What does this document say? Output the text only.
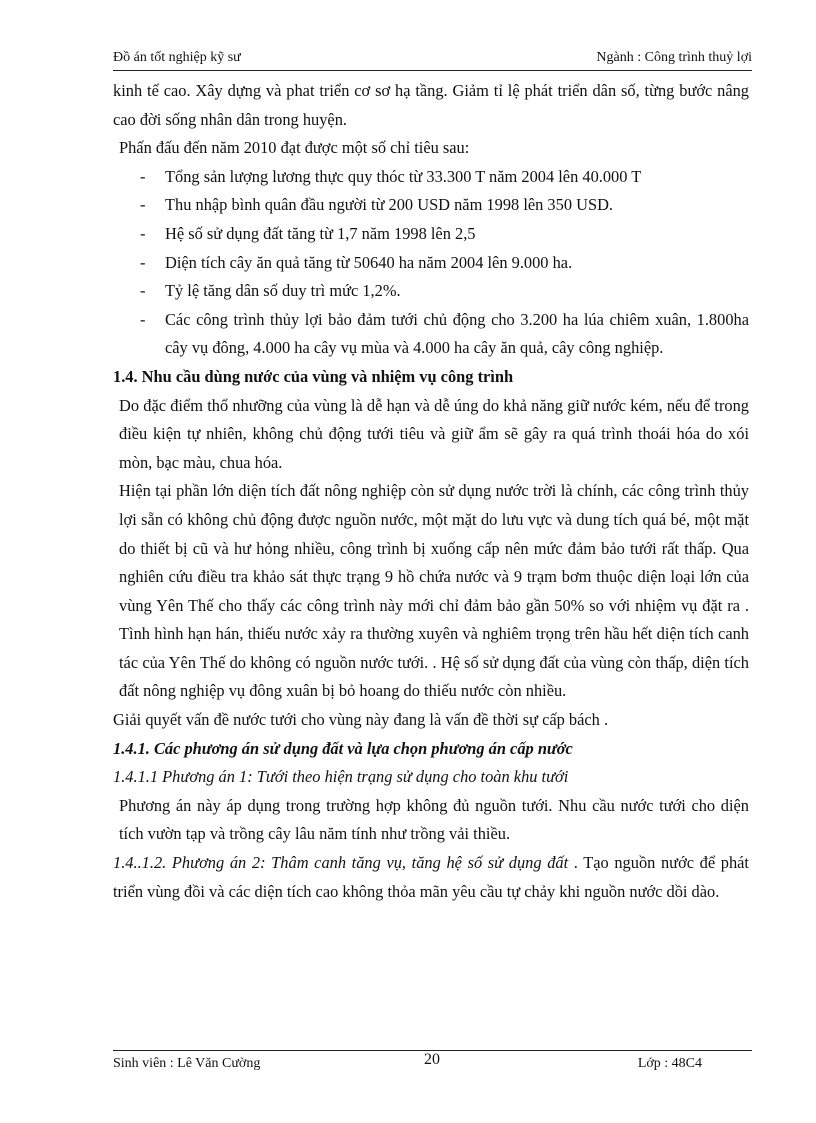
Đồ án tốt nghiệp kỹ sư	Ngành : Công trình thuỷ lợi

kinh tế cao. Xây dựng và phat triển cơ sơ hạ tầng. Giảm tỉ lệ phát triển dân số, từng bước nâng cao đời sống nhân dân trong huyện.

Phấn đấu đến năm 2010 đạt được một số chỉ tiêu sau:

- Tổng sản lượng lương thực quy thóc từ 33.300 T năm 2004 lên 40.000 T
- Thu nhập bình quân đầu người từ 200 USD năm 1998 lên 350 USD.
- Hệ số sử dụng đất tăng từ 1,7 năm 1998 lên 2,5
- Diện tích cây ăn quả tăng từ 50640 ha năm 2004 lên 9.000 ha.
- Tỷ lệ tăng dân số duy trì mức 1,2%.
- Các công trình thủy lợi bảo đảm tưới chủ động cho 3.200 ha lúa chiêm xuân, 1.800ha cây vụ đông, 4.000 ha cây vụ mùa và 4.000 ha cây ăn quả, cây công nghiệp.

1.4. Nhu cầu dùng nước của vùng và nhiệm vụ công trình

Do đặc điểm thổ nhưỡng của vùng là dễ hạn và dễ úng do khả năng giữ nước kém, nếu để trong điều kiện tự nhiên, không chủ động tưới tiêu và giữ ẩm sẽ gây ra quá trình thoái hóa do xói mòn, bạc màu, chua hóa.

Hiện tại phần lớn diện tích đất nông nghiệp còn sử dụng nước trời là chính, các công trình thủy lợi sẵn có không chủ động được nguồn nước, một mặt do lưu vực và dung tích quá bé, một mặt do thiết bị cũ và hư hỏng nhiều, công trình bị xuống cấp nên mức đảm bảo tưới rất thấp. Qua nghiên cứu điều tra khảo sát thực trạng 9 hồ chứa nước và 9 trạm bơm thuộc diện loại lớn của vùng Yên Thế cho thấy các công trình này mới chỉ đảm bảo gần 50% so với nhiệm vụ đặt ra . Tình hình hạn hán, thiếu nước xảy ra thường xuyên và nghiêm trọng trên hầu hết diện tích canh tác của Yên Thế do không có nguồn nước tưới. . Hệ số sử dụng đất của vùng còn thấp, diện tích đất nông nghiệp vụ đông xuân bị bỏ hoang do thiếu nước còn nhiều.

Giải quyết vấn đề nước tưới cho vùng này đang là vấn đề thời sự cấp bách .

1.4.1. Các phương án sử dụng đất và lựa chọn phương án cấp nước

1.4.1.1 Phương án 1: Tưới theo hiện trạng sử dụng cho toàn khu tưới

Phương án này áp dụng trong trường hợp không đủ nguồn tưới. Nhu cầu nước tưới cho diện tích vườn tạp và trồng cây lâu năm tính như trồng vải thiều.

1.4..1.2. Phương án 2: Thâm canh tăng vụ, tăng hệ số sử dụng đất . Tạo nguồn nước để phát triển vùng đồi và các diện tích cao không thỏa mãn yêu cầu tự chảy khi nguồn nước dồi dào.

Sinh viên : Lê Văn Cường	20	Lớp : 48C4
